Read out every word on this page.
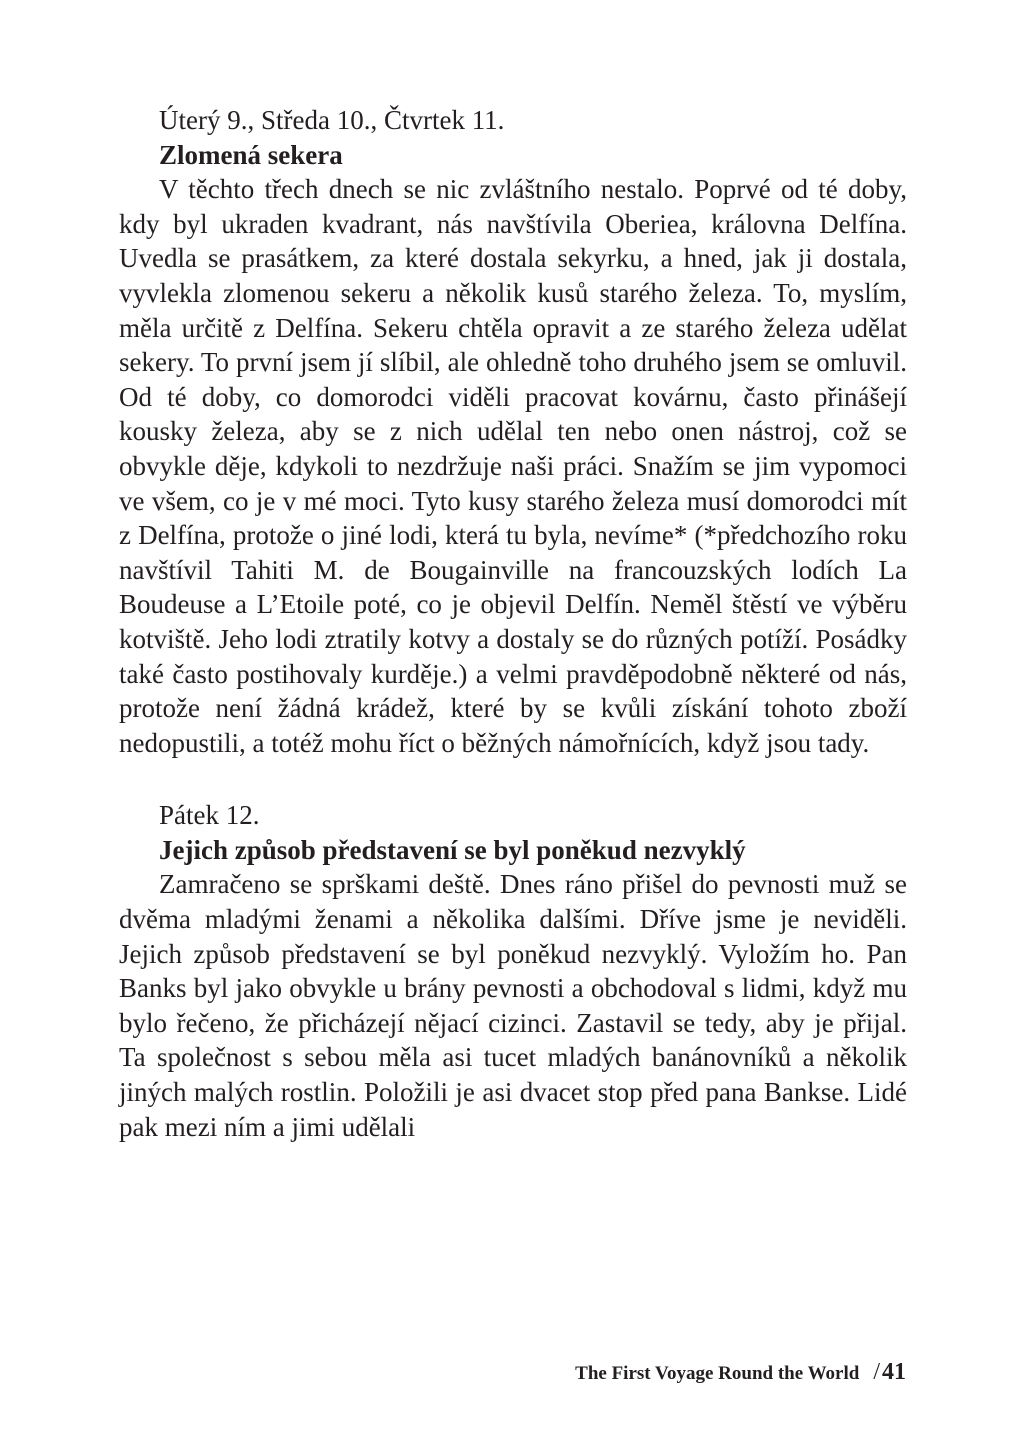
Úterý 9., Středa 10., Čtvrtek 11.

Zlomená sekera

V těchto třech dnech se nic zvláštního nestalo. Poprvé od té doby, kdy byl ukraden kvadrant, nás navštívila Oberiea, královna Delfína. Uvedla se prasátkem, za které dostala sekyrku, a hned, jak ji dostala, vyvlekla zlomenou sekeru a několik kusů starého železa. To, myslím, měla určitě z Delfína. Sekeru chtěla opravit a ze starého železa udělat sekery. To první jsem jí slíbil, ale ohledně toho druhého jsem se omluvil. Od té doby, co domorodci viděli pracovat kovárnu, často přinášejí kousky železa, aby se z nich udělal ten nebo onen nástroj, což se obvykle děje, kdykoli to nezdržuje naši práci. Snažím se jim vypomoci ve všem, co je v mé moci. Tyto kusy starého železa musí domorodci mít z Delfína, protože o jiné lodi, která tu byla, nevíme* (*předchozího roku navštívil Tahiti M. de Bougainville na francouzských lodích La Boudeuse a L’Etoile poté, co je objevil Delfín. Neměl štěstí ve výběru kotviště. Jeho lodi ztratily kotvy a dostaly se do různých potíží. Posádky také často postihovaly kurděje.) a velmi pravděpodobně některé od nás, protože není žádná krádež, které by se kvůli získání tohoto zboží nedopustili, a totéž mohu říct o běžných námořnících, když jsou tady.

Pátek 12.

Jejich způsob představení se byl poněkud nezvyklý

Zamračeno se sprškami deště. Dnes ráno přišel do pevnosti muž se dvěma mladými ženami a několika dalšími. Dříve jsme je neviděli. Jejich způsob představení se byl poněkud nezvyklý. Vyložím ho. Pan Banks byl jako obvykle u brány pevnosti a obchodoval s lidmi, když mu bylo řečeno, že přicházejí nějací cizinci. Zastavil se tedy, aby je přijal. Ta společnost s sebou měla asi tucet mladých banánovníků a několik jiných malých rostlin. Položili je asi dvacet stop před pana Bankse. Lidé pak mezi ním a jimi udělali

The First Voyage Round the World / 41
